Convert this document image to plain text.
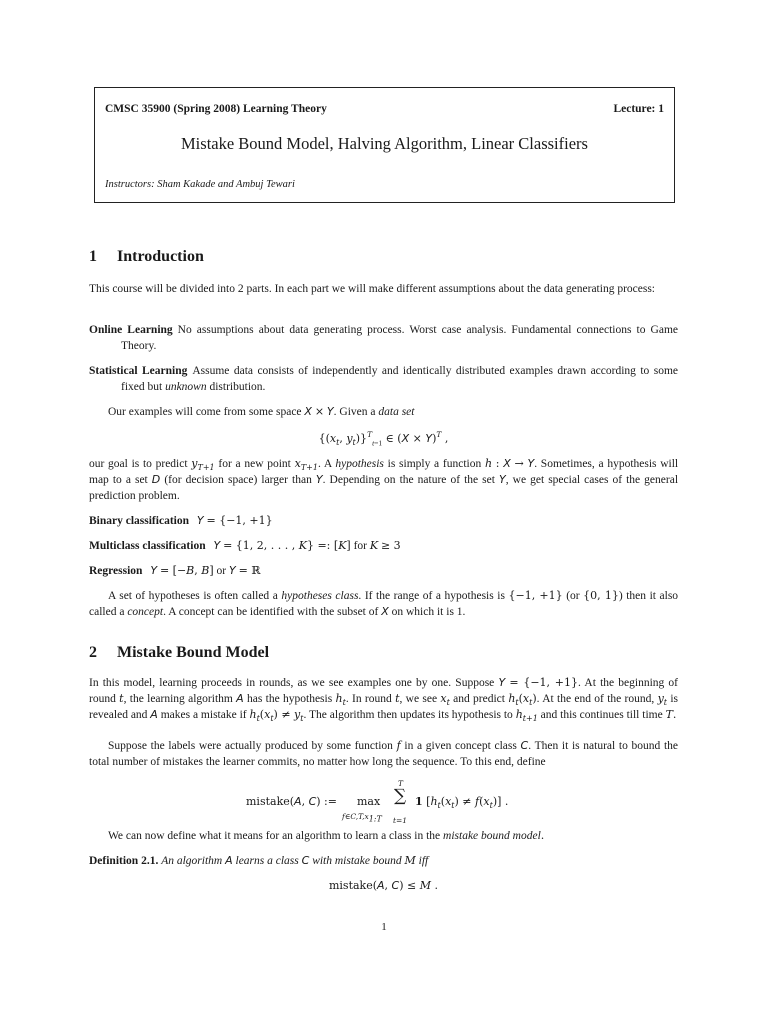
CMSC 35900 (Spring 2008) Learning Theory	Lecture: 1
Mistake Bound Model, Halving Algorithm, Linear Classifiers
Instructors: Sham Kakade and Ambuj Tewari
1 Introduction
This course will be divided into 2 parts. In each part we will make different assumptions about the data generating process:
Online Learning No assumptions about data generating process. Worst case analysis. Fundamental connections to Game Theory.
Statistical Learning Assume data consists of independently and identically distributed examples drawn according to some fixed but unknown distribution.
Our examples will come from some space X × Y. Given a data set
{($x_t$, $y_t)\}^T_{t=1}$ ∈ $(X \times Y)^T$ ,
our goal is to predict $y_{T+1}$ for a new point $x_{T+1}$. A hypothesis is simply a function h : X → Y. Sometimes, a hypothesis will map to a set D (for decision space) larger than Y. Depending on the nature of the set Y, we get special cases of the general prediction problem.
Binary classification Y = {−1, +1}
Multiclass classification Y = {1, 2, . . . , K} =: [K] for K ≥ 3
Regression Y = [−B, B] or Y = ℝ
A set of hypotheses is often called a hypotheses class. If the range of a hypothesis is {−1, +1} (or {0, 1}) then it also called a concept. A concept can be identified with the subset of X on which it is 1.
2 Mistake Bound Model
In this model, learning proceeds in rounds, as we see examples one by one. Suppose Y = {−1, +1}. At the beginning of round t, the learning algorithm A has the hypothesis $h_t$. In round t, we see $x_t$ and predict $h_t(x_t)$. At the end of the round, $y_t$ is revealed and A makes a mistake if $h_t(x_t) \ne y_t$. The algorithm then updates its hypothesis to $h_{t+1}$ and this continues till time T.
Suppose the labels were actually produced by some function f in a given concept class C. Then it is natural to bound the total number of mistakes the learner commits, no matter how long the sequence. To this end, define
mistake(A, C) := max
$f\in C,T,x_{1:T}$
T
∑
t=1
1 $[h_t(x_t) \ne f(x_t)]$ .
We can now define what it means for an algorithm to learn a class in the mistake bound model.
Definition 2.1. An algorithm A learns a class C with mistake bound M iff
mistake(A, C) ≤ M .
1
